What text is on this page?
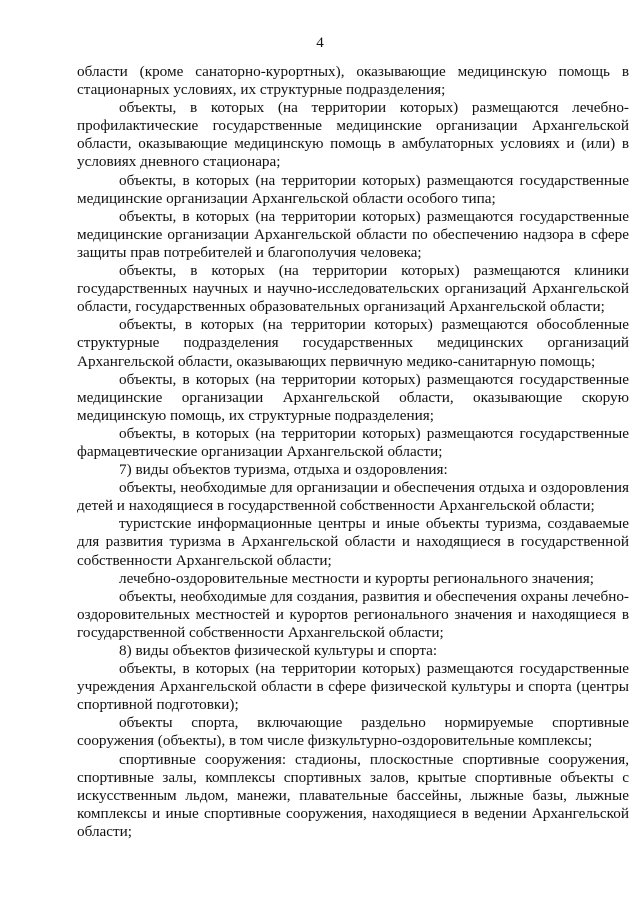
4

области (кроме санаторно-курортных), оказывающие медицинскую помощь в стационарных условиях, их структурные подразделения;

объекты, в которых (на территории которых) размещаются лечебно-профилактические государственные медицинские организации Архангельской области, оказывающие медицинскую помощь в амбулаторных условиях и (или) в условиях дневного стационара;

объекты, в которых (на территории которых) размещаются государственные медицинские организации Архангельской области особого типа;

объекты, в которых (на территории которых) размещаются государственные медицинские организации Архангельской области по обеспечению надзора в сфере защиты прав потребителей и благополучия человека;

объекты, в которых (на территории которых) размещаются клиники государственных научных и научно-исследовательских организаций Архангельской области, государственных образовательных организаций Архангельской области;

объекты, в которых (на территории которых) размещаются обособленные структурные подразделения государственных медицинских организаций Архангельской области, оказывающих первичную медико-санитарную помощь;

объекты, в которых (на территории которых) размещаются государственные медицинские организации Архангельской области, оказывающие скорую медицинскую помощь, их структурные подразделения;

объекты, в которых (на территории которых) размещаются государственные фармацевтические организации Архангельской области;

7) виды объектов туризма, отдыха и оздоровления:

объекты, необходимые для организации и обеспечения отдыха и оздоровления детей и находящиеся в государственной собственности Архангельской области;

туристские информационные центры и иные объекты туризма, создаваемые для развития туризма в Архангельской области и находящиеся в государственной собственности Архангельской области;

лечебно-оздоровительные местности и курорты регионального значения;

объекты, необходимые для создания, развития и обеспечения охраны лечебно-оздоровительных местностей и курортов регионального значения и находящиеся в государственной собственности Архангельской области;

8) виды объектов физической культуры и спорта:

объекты, в которых (на территории которых) размещаются государственные учреждения Архангельской области в сфере физической культуры и спорта (центры спортивной подготовки);

объекты спорта, включающие раздельно нормируемые спортивные сооружения (объекты), в том числе физкультурно-оздоровительные комплексы;

спортивные сооружения: стадионы, плоскостные спортивные сооружения, спортивные залы, комплексы спортивных залов, крытые спортивные объекты с искусственным льдом, манежи, плавательные бассейны, лыжные базы, лыжные комплексы и иные спортивные сооружения, находящиеся в ведении Архангельской области;
